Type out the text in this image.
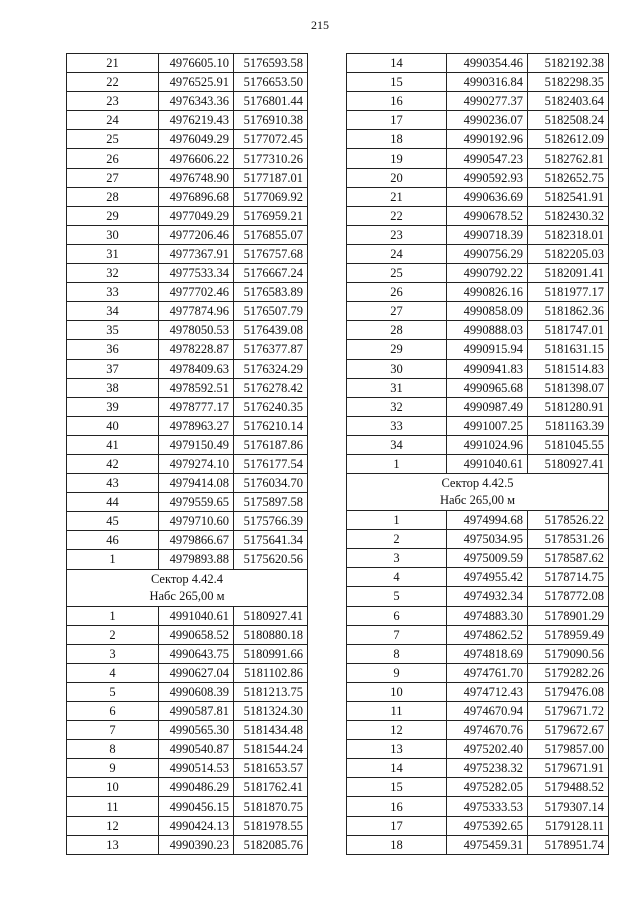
215
21	4976605.10	5176593.58
22	4976525.91	5176653.50
23	4976343.36	5176801.44
24	4976219.43	5176910.38
25	4976049.29	5177072.45
26	4976606.22	5177310.26
27	4976748.90	5177187.01
28	4976896.68	5177069.92
29	4977049.29	5176959.21
30	4977206.46	5176855.07
31	4977367.91	5176757.68
32	4977533.34	5176667.24
33	4977702.46	5176583.89
34	4977874.96	5176507.79
35	4978050.53	5176439.08
36	4978228.87	5176377.87
37	4978409.63	5176324.29
38	4978592.51	5176278.42
39	4978777.17	5176240.35
40	4978963.27	5176210.14
41	4979150.49	5176187.86
42	4979274.10	5176177.54
43	4979414.08	5176034.70
44	4979559.65	5175897.58
45	4979710.60	5175766.39
46	4979866.67	5175641.34
1	4979893.88	5175620.56

Сектор 4.42.4
Набс 265,00 м		

1	4991040.61	5180927.41
2	4990658.52	5180880.18
3	4990643.75	5180991.66
4	4990627.04	5181102.86
5	4990608.39	5181213.75
6	4990587.81	5181324.30
7	4990565.30	5181434.48
8	4990540.87	5181544.24
9	4990514.53	5181653.57
10	4990486.29	5181762.41
11	4990456.15	5181870.75
12	4990424.13	5181978.55
13	4990390.23	5182085.76
14	4990354.46	5182192.38
15	4990316.84	5182298.35
16	4990277.37	5182403.64
17	4990236.07	5182508.24
18	4990192.96	5182612.09
19	4990547.23	5182762.81
20	4990592.93	5182652.75
21	4990636.69	5182541.91
22	4990678.52	5182430.32
23	4990718.39	5182318.01
24	4990756.29	5182205.03
25	4990792.22	5182091.41
26	4990826.16	5181977.17
27	4990858.09	5181862.36
28	4990888.03	5181747.01
29	4990915.94	5181631.15
30	4990941.83	5181514.83
31	4990965.68	5181398.07
32	4990987.49	5181280.91
33	4991007.25	5181163.39
34	4991024.96	5181045.55
1	4991040.61	5180927.41

Сектор 4.42.5
Набс 265,00 м		

1	4974994.68	5178526.22
2	4975034.95	5178531.26
3	4975009.59	5178587.62
4	4974955.42	5178714.75
5	4974932.34	5178772.08
6	4974883.30	5178901.29
7	4974862.52	5178959.49
8	4974818.69	5179090.56
9	4974761.70	5179282.26
10	4974712.43	5179476.08
11	4974670.94	5179671.72
12	4974670.76	5179672.67
13	4975202.40	5179857.00
14	4975238.32	5179671.91
15	4975282.05	5179488.52
16	4975333.53	5179307.14
17	4975392.65	5179128.11
18	4975459.31	5178951.74
